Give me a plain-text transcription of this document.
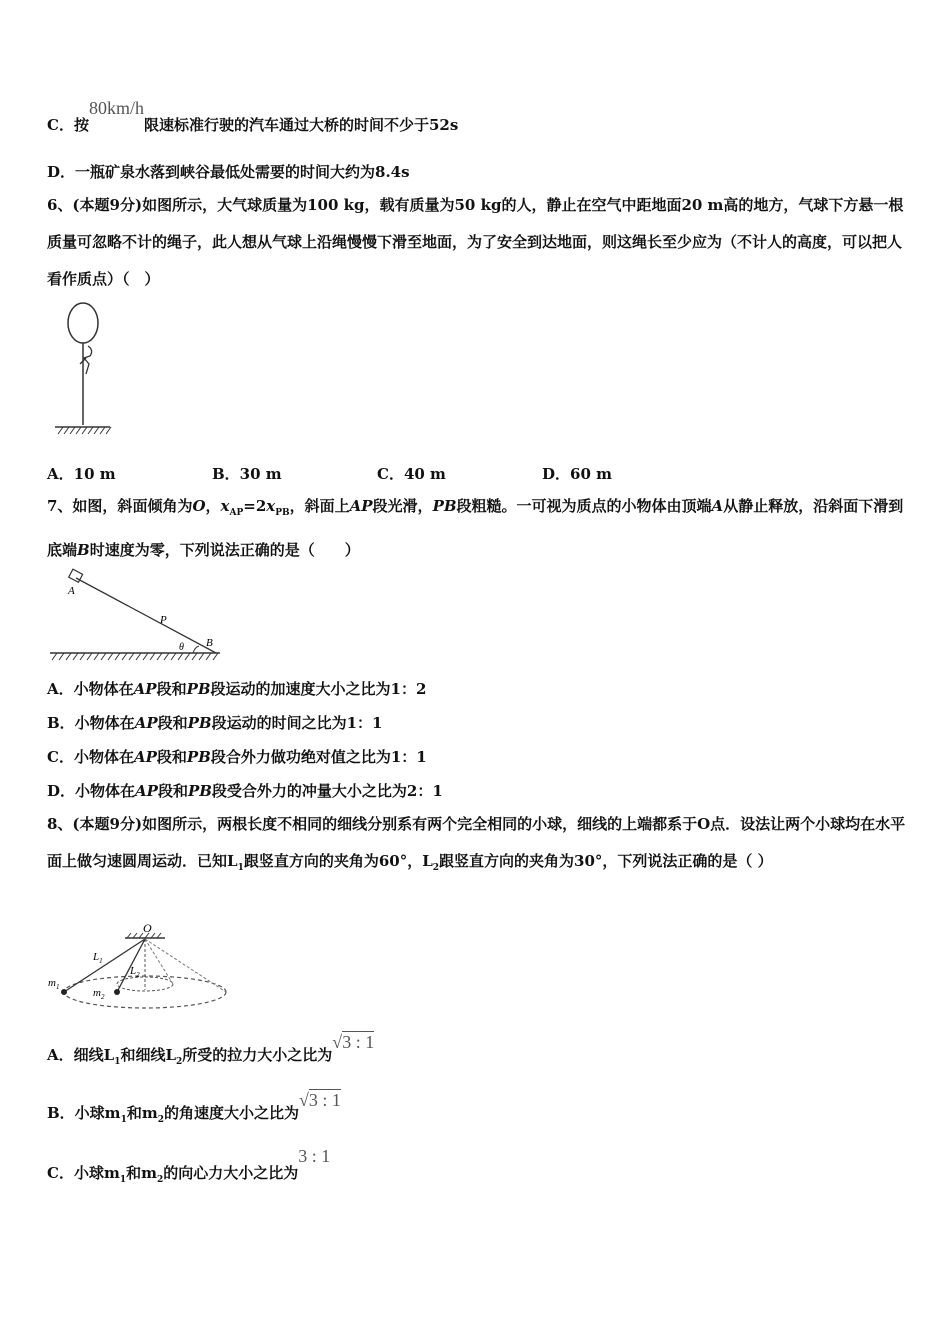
C．按80km/h限速标准行驶的汽车通过大桥的时间不少于52s
D．一瓶矿泉水落到峡谷最低处需要的时间大约为8.4s
6、(本题9分)如图所示，大气球质量为100 kg，载有质量为50 kg的人，静止在空气中距地面20 m高的地方，气球下方悬一根质量可忽略不计的绳子，此人想从气球上沿绳慢慢下滑至地面，为了安全到达地面，则这绳长至少应为（不计人的高度，可以把人看作质点）（　）
A．10 m	B．30 m	C．40 m	D．60 m
7、如图，斜面倾角为O，$x_{AP}=2x_{PB}$，斜面上AP段光滑，PB段粗糙。一可视为质点的小物体由顶端A从静止释放，沿斜面下滑到底端B时速度为零，下列说法正确的是（　　）
A
P
B
θ
A．小物体在AP段和PB段运动的加速度大小之比为1：2
B．小物体在AP段和PB段运动的时间之比为1：1
C．小物体在AP段和PB段合外力做功绝对值之比为1：1
D．小物体在AP段和PB段受合外力的冲量大小之比为2：1
8、(本题9分)如图所示，两根长度不相同的细线分别系有两个完全相同的小球，细线的上端都系于O点．设法让两个小球均在水平面上做匀速圆周运动．已知$L_1$跟竖直方向的夹角为60°，$L_2$跟竖直方向的夹角为30°，下列说法正确的是（ ）
O
$L_1$
$L_2$
$m_1$	$m_2$
A．细线$L_1$和细线$L_2$所受的拉力大小之比为√3 : 1
B．小球$m_1$和$m_2$的角速度大小之比为√3 : 1
C．小球$m_1$和$m_2$的向心力大小之比为3 : 1
